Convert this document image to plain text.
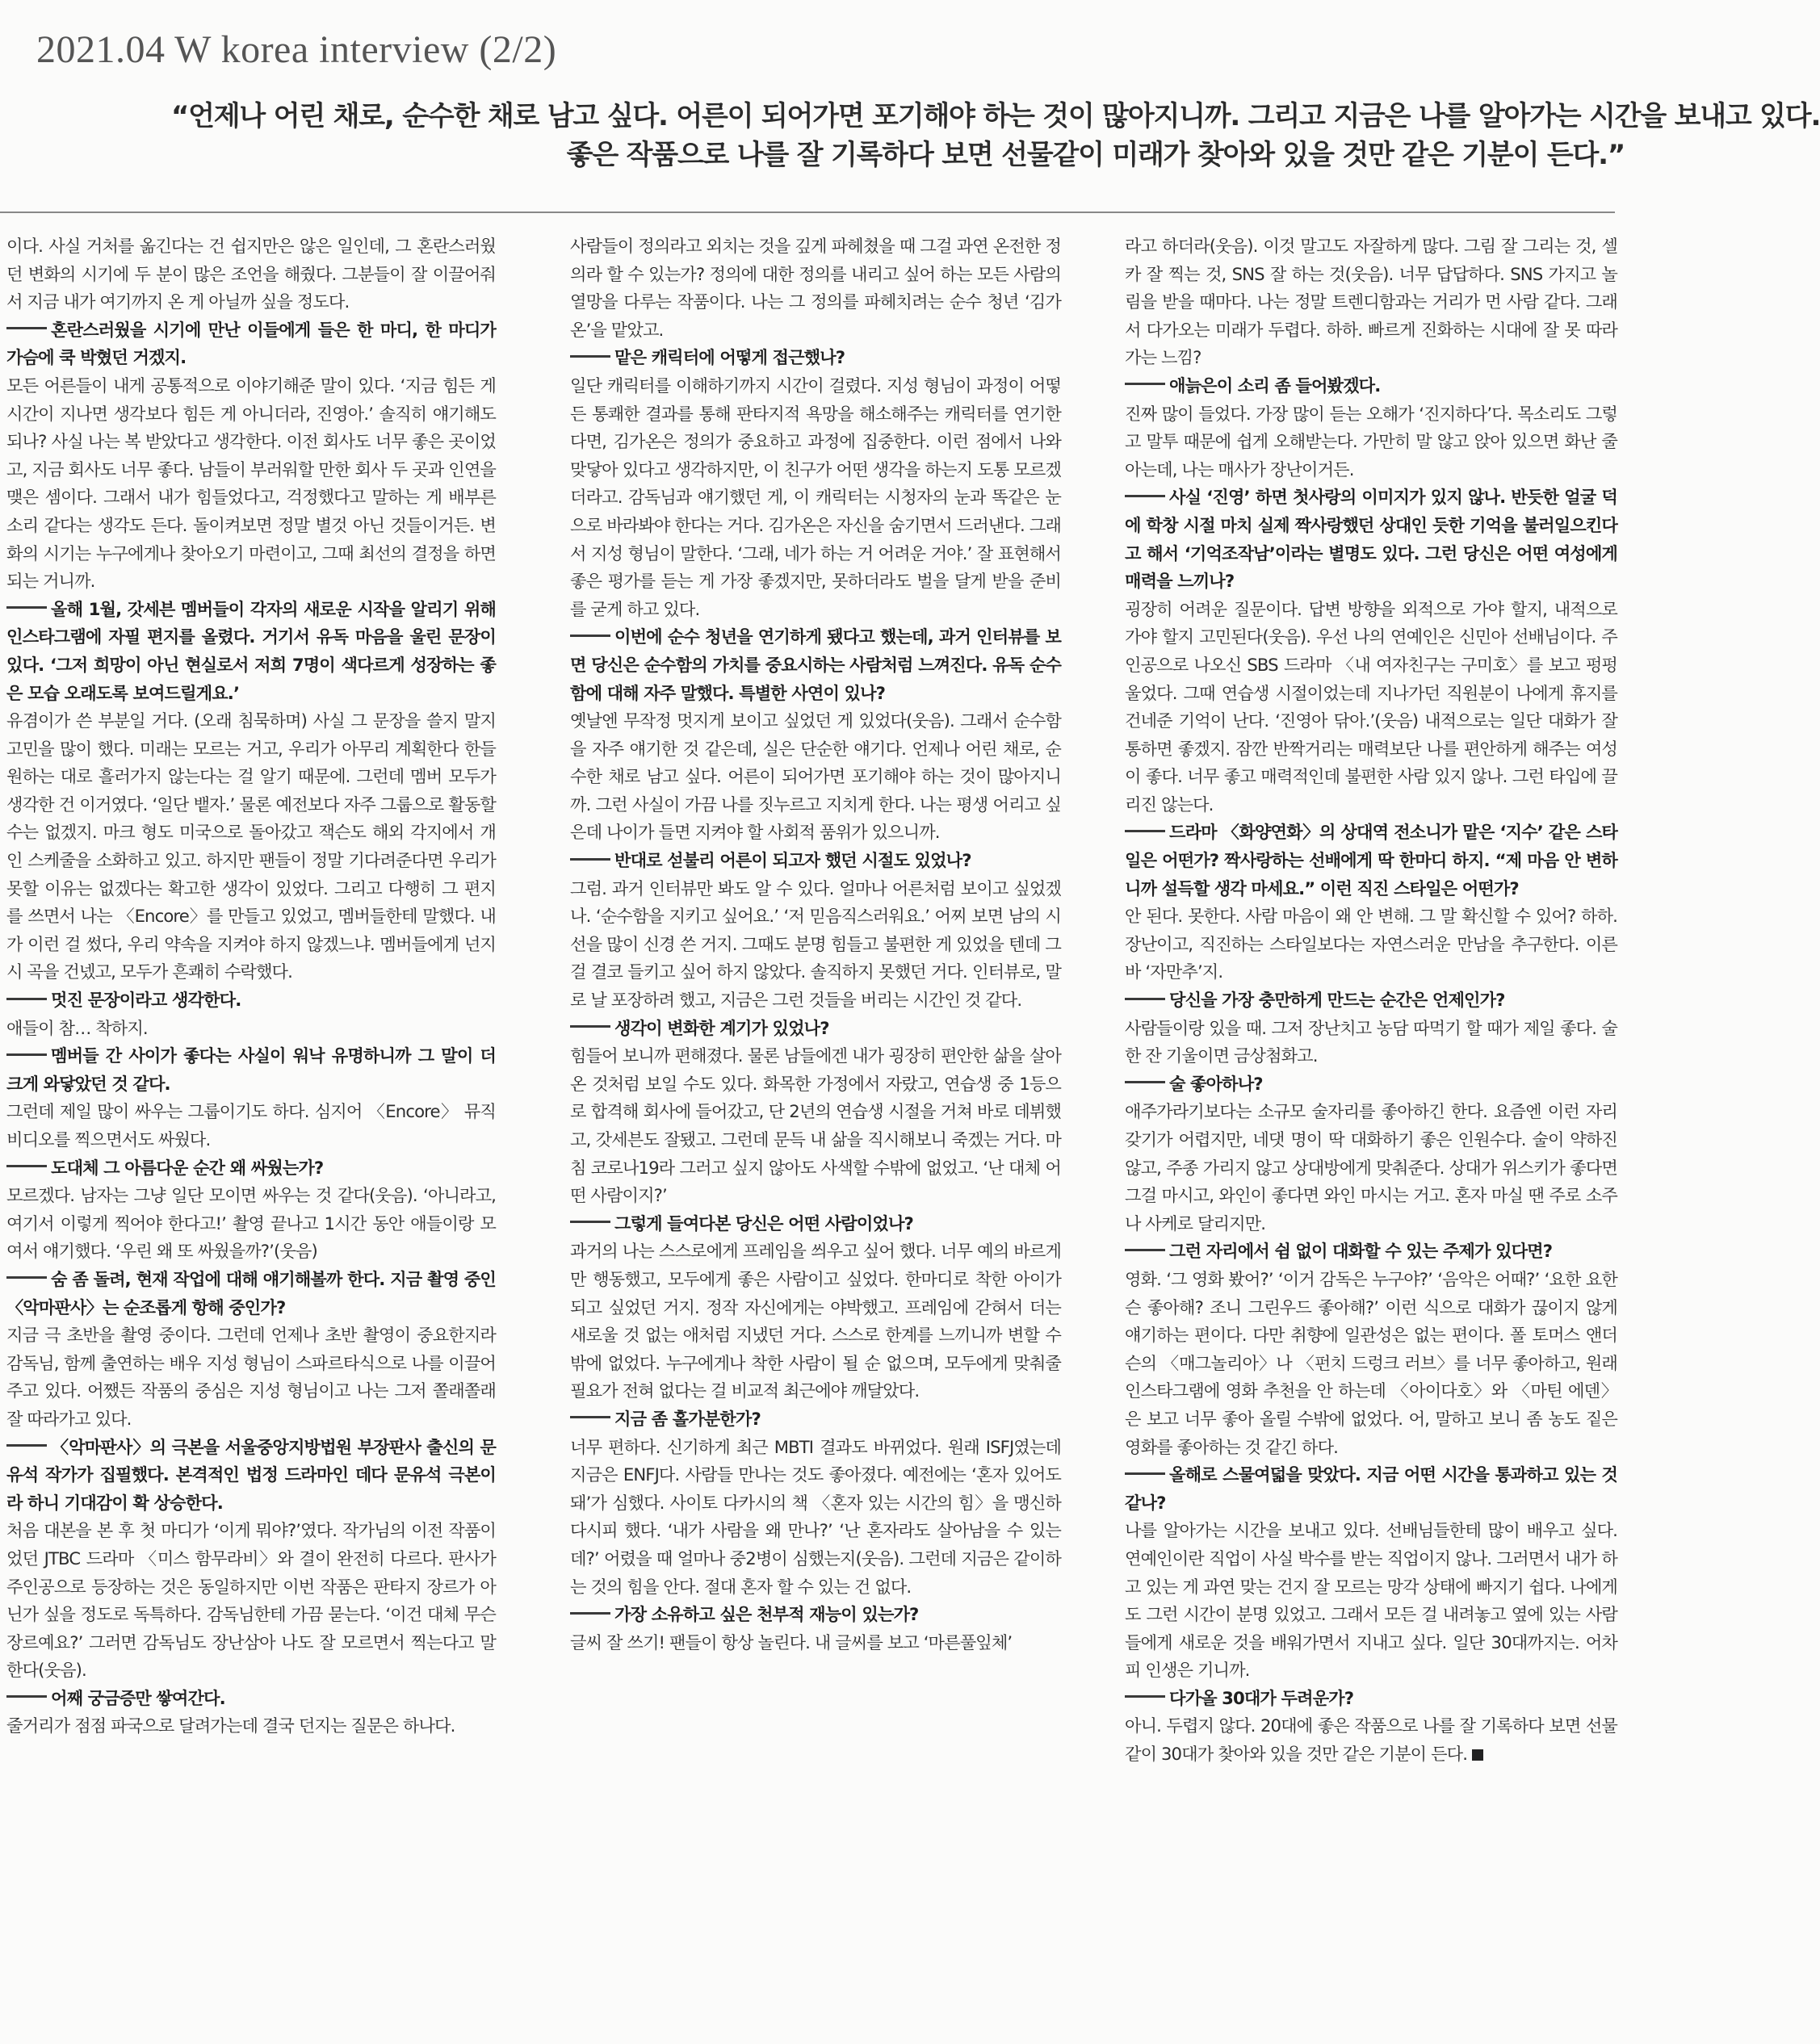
2021.04 W korea interview (2/2)
“언제나 어린 채로, 순수한 채로 남고 싶다. 어른이 되어가면 포기해야 하는 것이 많아지니까. 그리고 지금은 나를 알아가는 시간을 보내고 있다.
좋은 작품으로 나를 잘 기록하다 보면 선물같이 미래가 찾아와 있을 것만 같은 기분이 든다.”

이다. 사실 거처를 옮긴다는 건 쉽지만은 않은 일인데, 그 혼란스러웠던 변화의 시기에 두 분이 많은 조언을 해줬다. 그분들이 잘 이끌어줘서 지금 내가 여기까지 온 게 아닐까 싶을 정도다.

혼란스러웠을 시기에 만난 이들에게 들은 한 마디, 한 마디가 가슴에 쿡 박혔던 거겠지.

모든 어른들이 내게 공통적으로 이야기해준 말이 있다. ‘지금 힘든 게 시간이 지나면 생각보다 힘든 게 아니더라, 진영아.’ 솔직히 얘기해도 되나? 사실 나는 복 받았다고 생각한다. 이전 회사도 너무 좋은 곳이었고, 지금 회사도 너무 좋다. 남들이 부러워할 만한 회사 두 곳과 인연을 맺은 셈이다. 그래서 내가 힘들었다고, 걱정했다고 말하는 게 배부른 소리 같다는 생각도 든다. 돌이켜보면 정말 별것 아닌 것들이거든. 변화의 시기는 누구에게나 찾아오기 마련이고, 그때 최선의 결정을 하면 되는 거니까.

올해 1월, 갓세븐 멤버들이 각자의 새로운 시작을 알리기 위해 인스타그램에 자필 편지를 올렸다. 거기서 유독 마음을 울린 문장이 있다. ‘그저 희망이 아닌 현실로서 저희 7명이 색다르게 성장하는 좋은 모습 오래도록 보여드릴게요.’

유겸이가 쓴 부분일 거다. (오래 침묵하며) 사실 그 문장을 쓸지 말지 고민을 많이 했다. 미래는 모르는 거고, 우리가 아무리 계획한다 한들 원하는 대로 흘러가지 않는다는 걸 알기 때문에. 그런데 멤버 모두가 생각한 건 이거였다. ‘일단 뱉자.’ 물론 예전보다 자주 그룹으로 활동할 수는 없겠지. 마크 형도 미국으로 돌아갔고 잭슨도 해외 각지에서 개인 스케줄을 소화하고 있고. 하지만 팬들이 정말 기다려준다면 우리가 못할 이유는 없겠다는 확고한 생각이 있었다. 그리고 다행히 그 편지를 쓰면서 나는 〈Encore〉를 만들고 있었고, 멤버들한테 말했다. 내가 이런 걸 썼다, 우리 약속을 지켜야 하지 않겠느냐. 멤버들에게 넌지시 곡을 건넸고, 모두가 흔쾌히 수락했다.

멋진 문장이라고 생각한다.

애들이 참… 착하지.

멤버들 간 사이가 좋다는 사실이 워낙 유명하니까 그 말이 더 크게 와닿았던 것 같다.

그런데 제일 많이 싸우는 그룹이기도 하다. 심지어 〈Encore〉 뮤직비디오를 찍으면서도 싸웠다.

도대체 그 아름다운 순간 왜 싸웠는가?

모르겠다. 남자는 그냥 일단 모이면 싸우는 것 같다(웃음). ‘아니라고, 여기서 이렇게 찍어야 한다고!’ 촬영 끝나고 1시간 동안 애들이랑 모여서 얘기했다. ‘우린 왜 또 싸웠을까?’(웃음)

숨 좀 돌려, 현재 작업에 대해 얘기해볼까 한다. 지금 촬영 중인 〈악마판사〉는 순조롭게 항해 중인가?

지금 극 초반을 촬영 중이다. 그런데 언제나 초반 촬영이 중요한지라 감독님, 함께 출연하는 배우 지성 형님이 스파르타식으로 나를 이끌어주고 있다. 어쨌든 작품의 중심은 지성 형님이고 나는 그저 쫄래쫄래 잘 따라가고 있다.

〈악마판사〉의 극본을 서울중앙지방법원 부장판사 출신의 문유석 작가가 집필했다. 본격적인 법정 드라마인 데다 문유석 극본이라 하니 기대감이 확 상승한다.

처음 대본을 본 후 첫 마디가 ‘이게 뭐야?’였다. 작가님의 이전 작품이었던 JTBC 드라마 〈미스 함무라비〉와 결이 완전히 다르다. 판사가 주인공으로 등장하는 것은 동일하지만 이번 작품은 판타지 장르가 아닌가 싶을 정도로 독특하다. 감독님한테 가끔 묻는다. ‘이건 대체 무슨 장르예요?’ 그러면 감독님도 장난삼아 나도 잘 모르면서 찍는다고 말한다(웃음).

어째 궁금증만 쌓여간다.

줄거리가 점점 파국으로 달려가는데 결국 던지는 질문은 하나다.

사람들이 정의라고 외치는 것을 깊게 파헤쳤을 때 그걸 과연 온전한 정의라 할 수 있는가? 정의에 대한 정의를 내리고 싶어 하는 모든 사람의 열망을 다루는 작품이다. 나는 그 정의를 파헤치려는 순수 청년 ‘김가온’을 맡았고.

맡은 캐릭터에 어떻게 접근했나?

일단 캐릭터를 이해하기까지 시간이 걸렸다. 지성 형님이 과정이 어떻든 통쾌한 결과를 통해 판타지적 욕망을 해소해주는 캐릭터를 연기한다면, 김가온은 정의가 중요하고 과정에 집중한다. 이런 점에서 나와 맞닿아 있다고 생각하지만, 이 친구가 어떤 생각을 하는지 도통 모르겠더라고. 감독님과 얘기했던 게, 이 캐릭터는 시청자의 눈과 똑같은 눈으로 바라봐야 한다는 거다. 김가온은 자신을 숨기면서 드러낸다. 그래서 지성 형님이 말한다. ‘그래, 네가 하는 거 어려운 거야.’ 잘 표현해서 좋은 평가를 듣는 게 가장 좋겠지만, 못하더라도 벌을 달게 받을 준비를 굳게 하고 있다.

이번에 순수 청년을 연기하게 됐다고 했는데, 과거 인터뷰를 보면 당신은 순수함의 가치를 중요시하는 사람처럼 느껴진다. 유독 순수함에 대해 자주 말했다. 특별한 사연이 있나?

옛날엔 무작정 멋지게 보이고 싶었던 게 있었다(웃음). 그래서 순수함을 자주 얘기한 것 같은데, 실은 단순한 얘기다. 언제나 어린 채로, 순수한 채로 남고 싶다. 어른이 되어가면 포기해야 하는 것이 많아지니까. 그런 사실이 가끔 나를 짓누르고 지치게 한다. 나는 평생 어리고 싶은데 나이가 들면 지켜야 할 사회적 품위가 있으니까.

반대로 섣불리 어른이 되고자 했던 시절도 있었나?

그럼. 과거 인터뷰만 봐도 알 수 있다. 얼마나 어른처럼 보이고 싶었겠나. ‘순수함을 지키고 싶어요.’ ‘저 믿음직스러워요.’ 어찌 보면 남의 시선을 많이 신경 쓴 거지. 그때도 분명 힘들고 불편한 게 있었을 텐데 그걸 결코 들키고 싶어 하지 않았다. 솔직하지 못했던 거다. 인터뷰로, 말로 날 포장하려 했고, 지금은 그런 것들을 버리는 시간인 것 같다.

생각이 변화한 계기가 있었나?

힘들어 보니까 편해졌다. 물론 남들에겐 내가 굉장히 편안한 삶을 살아온 것처럼 보일 수도 있다. 화목한 가정에서 자랐고, 연습생 중 1등으로 합격해 회사에 들어갔고, 단 2년의 연습생 시절을 거쳐 바로 데뷔했고, 갓세븐도 잘됐고. 그런데 문득 내 삶을 직시해보니 죽겠는 거다. 마침 코로나19라 그러고 싶지 않아도 사색할 수밖에 없었고. ‘난 대체 어떤 사람이지?’

그렇게 들여다본 당신은 어떤 사람이었나?

과거의 나는 스스로에게 프레임을 씌우고 싶어 했다. 너무 예의 바르게만 행동했고, 모두에게 좋은 사람이고 싶었다. 한마디로 착한 아이가 되고 싶었던 거지. 정작 자신에게는 야박했고. 프레임에 갇혀서 더는 새로울 것 없는 애처럼 지냈던 거다. 스스로 한계를 느끼니까 변할 수밖에 없었다. 누구에게나 착한 사람이 될 순 없으며, 모두에게 맞춰줄 필요가 전혀 없다는 걸 비교적 최근에야 깨달았다.

지금 좀 홀가분한가?

너무 편하다. 신기하게 최근 MBTI 결과도 바뀌었다. 원래 ISFJ였는데 지금은 ENFJ다. 사람들 만나는 것도 좋아졌다. 예전에는 ‘혼자 있어도 돼’가 심했다. 사이토 다카시의 책 〈혼자 있는 시간의 힘〉을 맹신하다시피 했다. ‘내가 사람을 왜 만나?’ ‘난 혼자라도 살아남을 수 있는데?’ 어렸을 때 얼마나 중2병이 심했는지(웃음). 그런데 지금은 같이하는 것의 힘을 안다. 절대 혼자 할 수 있는 건 없다.

가장 소유하고 싶은 천부적 재능이 있는가?

글씨 잘 쓰기! 팬들이 항상 놀린다. 내 글씨를 보고 ‘마른풀잎체’

라고 하더라(웃음). 이것 말고도 자잘하게 많다. 그림 잘 그리는 것, 셀카 잘 찍는 것, SNS 잘 하는 것(웃음). 너무 답답하다. SNS 가지고 놀림을 받을 때마다. 나는 정말 트렌디함과는 거리가 먼 사람 같다. 그래서 다가오는 미래가 두렵다. 하하. 빠르게 진화하는 시대에 잘 못 따라가는 느낌?

애늙은이 소리 좀 들어봤겠다.

진짜 많이 들었다. 가장 많이 듣는 오해가 ‘진지하다’다. 목소리도 그렇고 말투 때문에 쉽게 오해받는다. 가만히 말 않고 앉아 있으면 화난 줄 아는데, 나는 매사가 장난이거든.

사실 ‘진영’ 하면 첫사랑의 이미지가 있지 않나. 반듯한 얼굴 덕에 학창 시절 마치 실제 짝사랑했던 상대인 듯한 기억을 불러일으킨다고 해서 ‘기억조작남’이라는 별명도 있다. 그런 당신은 어떤 여성에게 매력을 느끼나?

굉장히 어려운 질문이다. 답변 방향을 외적으로 가야 할지, 내적으로 가야 할지 고민된다(웃음). 우선 나의 연예인은 신민아 선배님이다. 주인공으로 나오신 SBS 드라마 〈내 여자친구는 구미호〉를 보고 펑펑 울었다. 그때 연습생 시절이었는데 지나가던 직원분이 나에게 휴지를 건네준 기억이 난다. ‘진영아 닦아.’(웃음) 내적으로는 일단 대화가 잘 통하면 좋겠지. 잠깐 반짝거리는 매력보단 나를 편안하게 해주는 여성이 좋다. 너무 좋고 매력적인데 불편한 사람 있지 않나. 그런 타입에 끌리진 않는다.

드라마 〈화양연화〉의 상대역 전소니가 맡은 ‘지수’ 같은 스타일은 어떤가? 짝사랑하는 선배에게 딱 한마디 하지. “제 마음 안 변하니까 설득할 생각 마세요.” 이런 직진 스타일은 어떤가?

안 된다. 못한다. 사람 마음이 왜 안 변해. 그 말 확신할 수 있어? 하하. 장난이고, 직진하는 스타일보다는 자연스러운 만남을 추구한다. 이른바 ‘자만추’지.

당신을 가장 충만하게 만드는 순간은 언제인가?

사람들이랑 있을 때. 그저 장난치고 농담 따먹기 할 때가 제일 좋다. 술 한 잔 기울이면 금상첨화고.

술 좋아하나?

애주가라기보다는 소규모 술자리를 좋아하긴 한다. 요즘엔 이런 자리 갖기가 어렵지만, 네댓 명이 딱 대화하기 좋은 인원수다. 술이 약하진 않고, 주종 가리지 않고 상대방에게 맞춰준다. 상대가 위스키가 좋다면 그걸 마시고, 와인이 좋다면 와인 마시는 거고. 혼자 마실 땐 주로 소주나 사케로 달리지만.

그런 자리에서 쉼 없이 대화할 수 있는 주제가 있다면?

영화. ‘그 영화 봤어?’ ‘이거 감독은 누구야?’ ‘음악은 어때?’ ‘요한 요한슨 좋아해? 조니 그린우드 좋아해?’ 이런 식으로 대화가 끊이지 않게 얘기하는 편이다. 다만 취향에 일관성은 없는 편이다. 폴 토머스 앤더슨의 〈매그놀리아〉나 〈펀치 드렁크 러브〉를 너무 좋아하고, 원래 인스타그램에 영화 추천을 안 하는데 〈아이다호〉와 〈마틴 에덴〉은 보고 너무 좋아 올릴 수밖에 없었다. 어, 말하고 보니 좀 농도 짙은 영화를 좋아하는 것 같긴 하다.

올해로 스물여덟을 맞았다. 지금 어떤 시간을 통과하고 있는 것 같나?

나를 알아가는 시간을 보내고 있다. 선배님들한테 많이 배우고 싶다. 연예인이란 직업이 사실 박수를 받는 직업이지 않나. 그러면서 내가 하고 있는 게 과연 맞는 건지 잘 모르는 망각 상태에 빠지기 쉽다. 나에게도 그런 시간이 분명 있었고. 그래서 모든 걸 내려놓고 옆에 있는 사람들에게 새로운 것을 배워가면서 지내고 싶다. 일단 30대까지는. 어차피 인생은 기니까.

다가올 30대가 두려운가?

아니. 두렵지 않다. 20대에 좋은 작품으로 나를 잘 기록하다 보면 선물같이 30대가 찾아와 있을 것만 같은 기분이 든다.
